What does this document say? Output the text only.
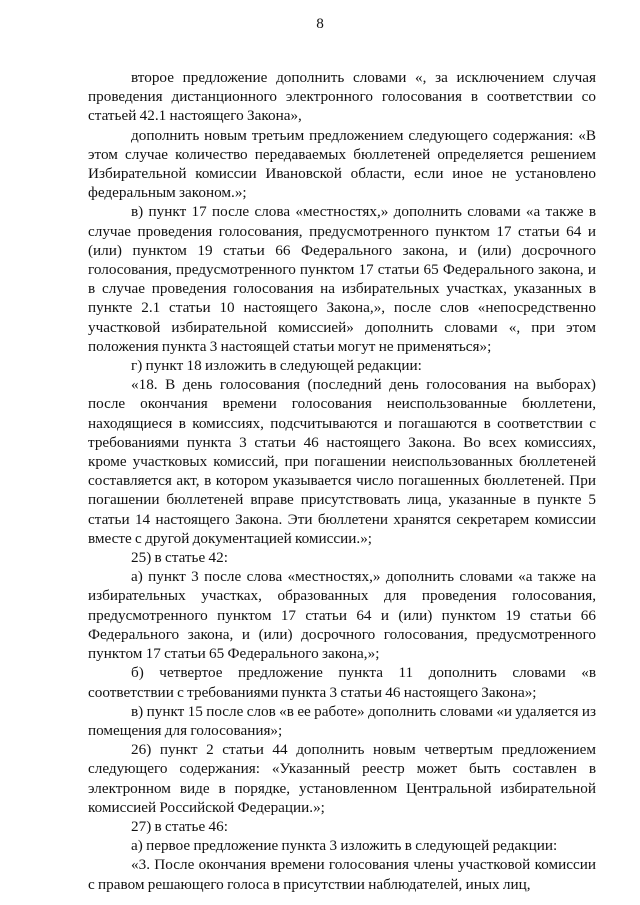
8

второе предложение дополнить словами «, за исключением случая проведения дистанционного электронного голосования в соответствии со статьей 42.1 настоящего Закона»,

дополнить новым третьим предложением следующего содержания: «В этом случае количество передаваемых бюллетеней определяется решением Избирательной комиссии Ивановской области, если иное не установлено федеральным законом.»;

в) пункт 17 после слова «местностях,» дополнить словами «а также в случае проведения голосования, предусмотренного пунктом 17 статьи 64 и (или) пунктом 19 статьи 66 Федерального закона, и (или) досрочного голосования, предусмотренного пунктом 17 статьи 65 Федерального закона, и в случае проведения голосования на избирательных участках, указанных в пункте 2.1 статьи 10 настоящего Закона,», после слов «непосредственно участковой избирательной комиссией» дополнить словами «, при этом положения пункта 3 настоящей статьи могут не применяться»;

г) пункт 18 изложить в следующей редакции:

«18. В день голосования (последний день голосования на выборах) после окончания времени голосования неиспользованные бюллетени, находящиеся в комиссиях, подсчитываются и погашаются в соответствии с требованиями пункта 3 статьи 46 настоящего Закона. Во всех комиссиях, кроме участковых комиссий, при погашении неиспользованных бюллетеней составляется акт, в котором указывается число погашенных бюллетеней. При погашении бюллетеней вправе присутствовать лица, указанные в пункте 5 статьи 14 настоящего Закона. Эти бюллетени хранятся секретарем комиссии вместе с другой документацией комиссии.»;

25) в статье 42:

а) пункт 3 после слова «местностях,» дополнить словами «а также на избирательных участках, образованных для проведения голосования, предусмотренного пунктом 17 статьи 64 и (или) пунктом 19 статьи 66 Федерального закона, и (или) досрочного голосования, предусмотренного пунктом 17 статьи 65 Федерального закона,»;

б) четвертое предложение пункта 11 дополнить словами «в соответствии с требованиями пункта 3 статьи 46 настоящего Закона»;

в) пункт 15 после слов «в ее работе» дополнить словами «и удаляется из помещения для голосования»;

26) пункт 2 статьи 44 дополнить новым четвертым предложением следующего содержания: «Указанный реестр может быть составлен в электронном виде в порядке, установленном Центральной избирательной комиссией Российской Федерации.»;

27) в статье 46:

а) первое предложение пункта 3 изложить в следующей редакции:

«3. После окончания времени голосования члены участковой комиссии с правом решающего голоса в присутствии наблюдателей, иных лиц,
